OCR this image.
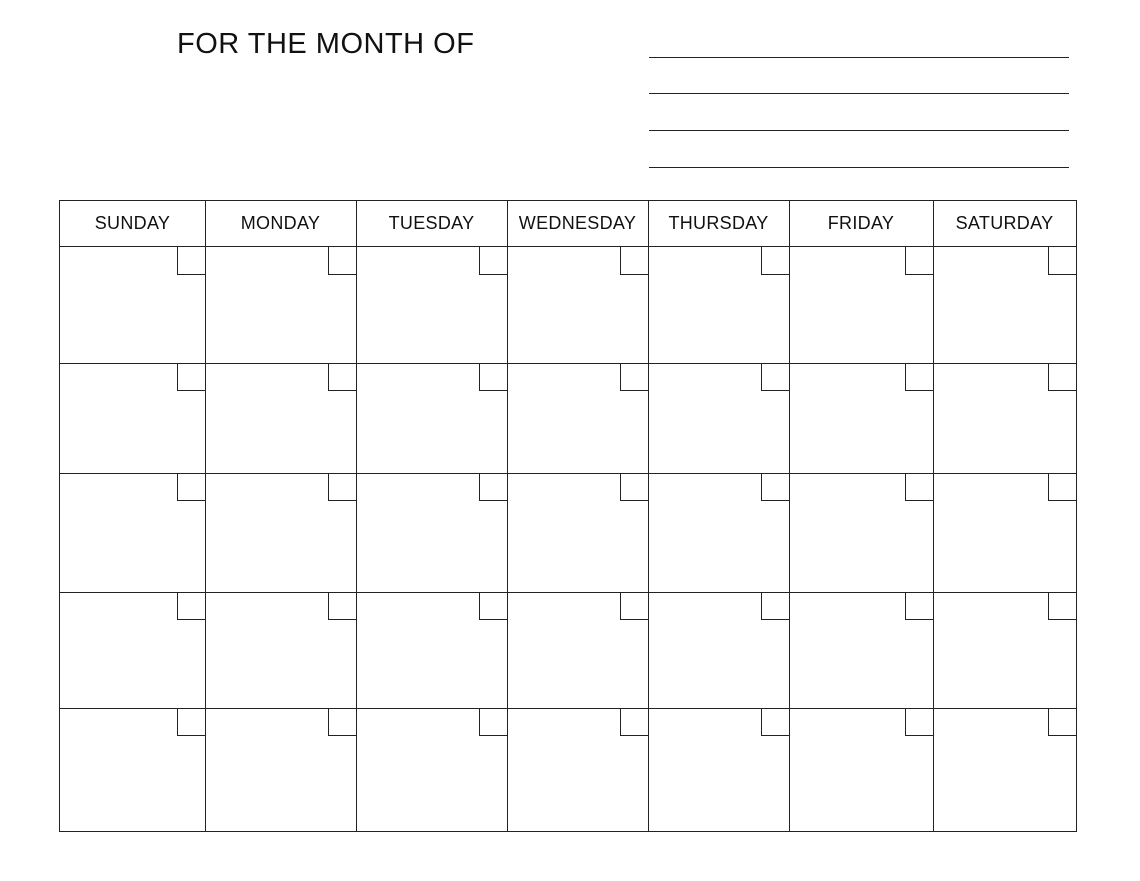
FOR THE MONTH OF
SUNDAY	MONDAY	TUESDAY	WEDNESDAY	THURSDAY	FRIDAY	SATURDAY
